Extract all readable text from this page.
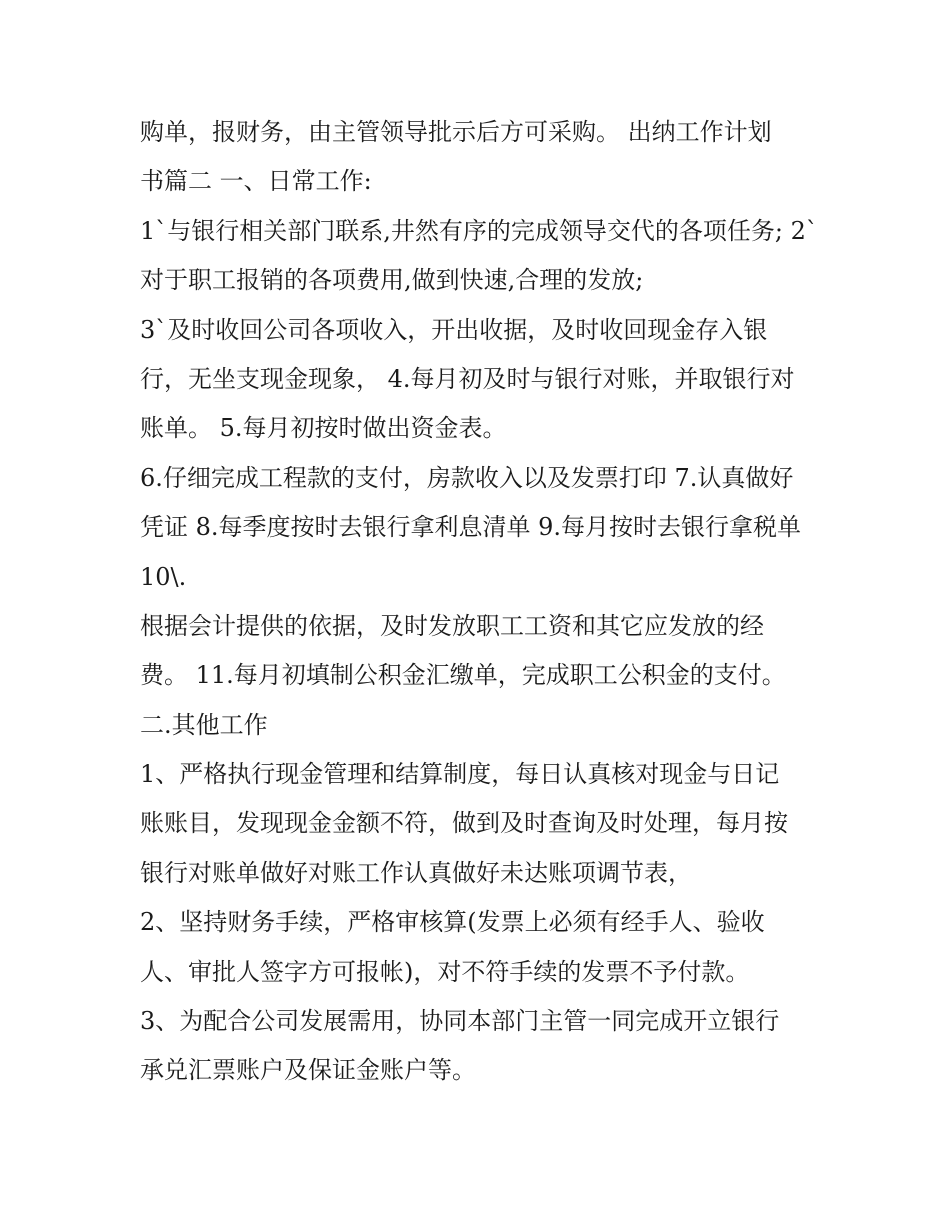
购单，报财务，由主管领导批示后方可采购。 出纳工作计划
书篇二 一、日常工作:
1`与银行相关部门联系,井然有序的完成领导交代的各项任务; 2`
对于职工报销的各项费用,做到快速,合理的发放;
3`及时收回公司各项收入，开出收据，及时收回现金存入银
行，无坐支现金现象， 4.每月初及时与银行对账，并取银行对
账单。 5.每月初按时做出资金表。
6.仔细完成工程款的支付，房款收入以及发票打印 7.认真做好
凭证 8.每季度按时去银行拿利息清单 9.每月按时去银行拿税单
10\.
根据会计提供的依据，及时发放职工工资和其它应发放的经
费。 11.每月初填制公积金汇缴单，完成职工公积金的支付。
二.其他工作
1、严格执行现金管理和结算制度，每日认真核对现金与日记
账账目，发现现金金额不符，做到及时查询及时处理，每月按
银行对账单做好对账工作认真做好未达账项调节表，
2、坚持财务手续，严格审核算(发票上必须有经手人、验收
人、审批人签字方可报帐)，对不符手续的发票不予付款。
3、为配合公司发展需用，协同本部门主管一同完成开立银行
承兑汇票账户及保证金账户等。
